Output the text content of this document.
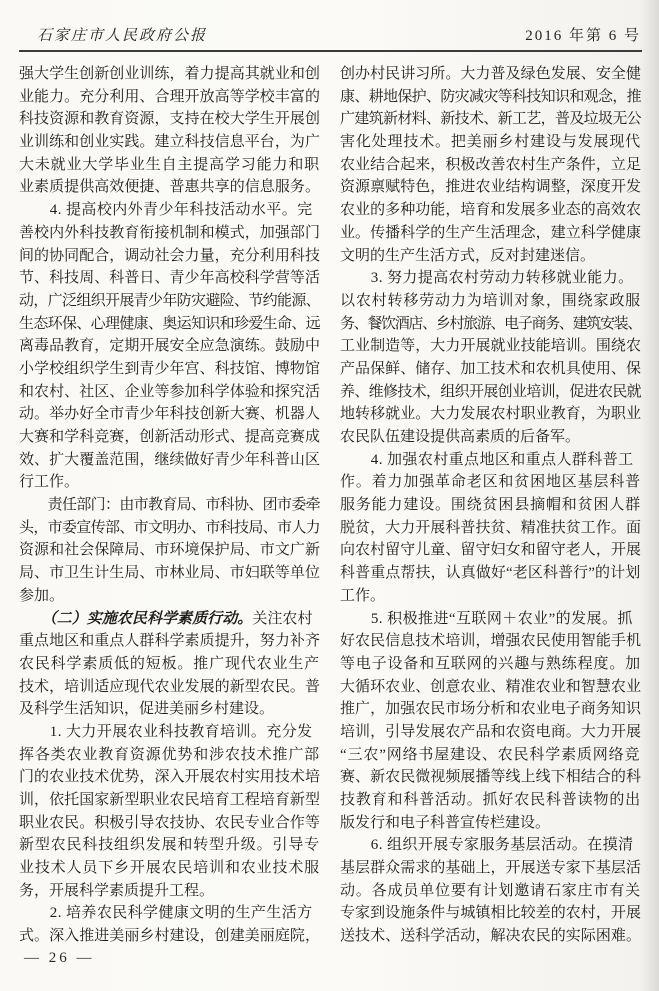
石家庄市人民政府公报	2016 年第 6 号
强大学生创新创业训练，着力提高其就业和创
业能力。充分利用、合理开放高等学校丰富的
科技资源和教育资源，支持在校大学生开展创
业训练和创业实践。建立科技信息平台，为广
大未就业大学毕业生自主提高学习能力和职
业素质提供高效便捷、普惠共享的信息服务。
　　4. 提高校内外青少年科技活动水平。完
善校内外科技教育衔接机制和模式，加强部门
间的协同配合，调动社会力量，充分利用科技
节、科技周、科普日、青少年高校科学营等活
动，广泛组织开展青少年防灾避险、节约能源、
生态环保、心理健康、奥运知识和珍爱生命、远
离毒品教育，定期开展安全应急演练。鼓励中
小学校组织学生到青少年宫、科技馆、博物馆
和农村、社区、企业等参加科学体验和探究活
动。举办好全市青少年科技创新大赛、机器人
大赛和学科竞赛，创新活动形式、提高竞赛成
效、扩大覆盖范围，继续做好青少年科普山区
行工作。
　　责任部门：由市教育局、市科协、团市委牵
头，市委宣传部、市文明办、市科技局、市人力
资源和社会保障局、市环境保护局、市文广新
局、市卫生计生局、市林业局、市妇联等单位
参加。
　　（二）实施农民科学素质行动。关注农村
重点地区和重点人群科学素质提升，努力补齐
农民科学素质低的短板。推广现代农业生产
技术，培训适应现代农业发展的新型农民。普
及科学生活知识，促进美丽乡村建设。
　　1. 大力开展农业科技教育培训。充分发
挥各类农业教育资源优势和涉农技术推广部
门的农业技术优势，深入开展农村实用技术培
训，依托国家新型职业农民培育工程培育新型
职业农民。积极引导农技协、农民专业合作等
新型农民科技组织发展和转型升级。引导专
业技术人员下乡开展农民培训和农业技术服
务，开展科学素质提升工程。
　　2. 培养农民科学健康文明的生产生活方
式。深入推进美丽乡村建设，创建美丽庭院，
创办村民讲习所。大力普及绿色发展、安全健
康、耕地保护、防灾减灾等科技知识和观念，推
广建筑新材料、新技术、新工艺，普及垃圾无公
害化处理技术。把美丽乡村建设与发展现代
农业结合起来，积极改善农村生产条件，立足
资源禀赋特色，推进农业结构调整，深度开发
农业的多种功能，培育和发展多业态的高效农
业。传播科学的生产生活理念，建立科学健康
文明的生产生活方式，反对封建迷信。
　　3. 努力提高农村劳动力转移就业能力。
以农村转移劳动力为培训对象，围绕家政服
务、餐饮酒店、乡村旅游、电子商务、建筑安装、
工业制造等，大力开展就业技能培训。围绕农
产品保鲜、储存、加工技术和农机具使用、保
养、维修技术，组织开展创业培训，促进农民就
地转移就业。大力发展农村职业教育，为职业
农民队伍建设提供高素质的后备军。
　　4. 加强农村重点地区和重点人群科普工
作。着力加强革命老区和贫困地区基层科普
服务能力建设。围绕贫困县摘帽和贫困人群
脱贫，大力开展科普扶贫、精准扶贫工作。面
向农村留守儿童、留守妇女和留守老人，开展
科普重点帮扶，认真做好“老区科普行”的计划
工作。
　　5. 积极推进“互联网＋农业”的发展。抓
好农民信息技术培训，增强农民使用智能手机
等电子设备和互联网的兴趣与熟练程度。加
大循环农业、创意农业、精准农业和智慧农业
推广，加强农民市场分析和农业电子商务知识
培训，引导发展农产品和农资电商。大力开展
“三农”网络书屋建设、农民科学素质网络竞
赛、新农民微视频展播等线上线下相结合的科
技教育和科普活动。抓好农民科普读物的出
版发行和电子科普宣传栏建设。
　　6. 组织开展专家服务基层活动。在摸清
基层群众需求的基础上，开展送专家下基层活
动。各成员单位要有计划邀请石家庄市有关
专家到设施条件与城镇相比较差的农村，开展
送技术、送科学活动，解决农民的实际困难。
— 26 —
